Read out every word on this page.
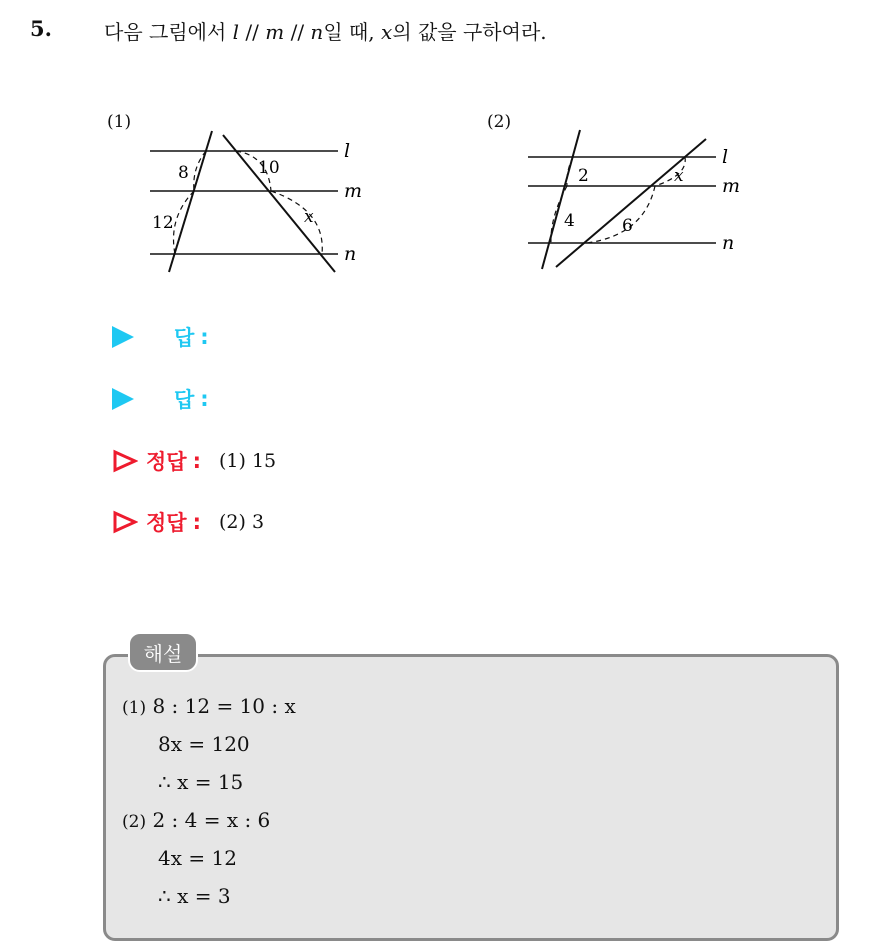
5.	다음 그림에서 l // m // n일 때, x의 값을 구하여라.
(1)
8
12
10
x
l
m
n
(2)
2
4
x
6
l
m
n
답 :
답 :
정답 : (1) 15
정답 : (2) 3
해설
(1) 8 : 12 = 10 : x
8x = 120
∴ x = 15
(2) 2 : 4 = x : 6
4x = 12
∴ x = 3
